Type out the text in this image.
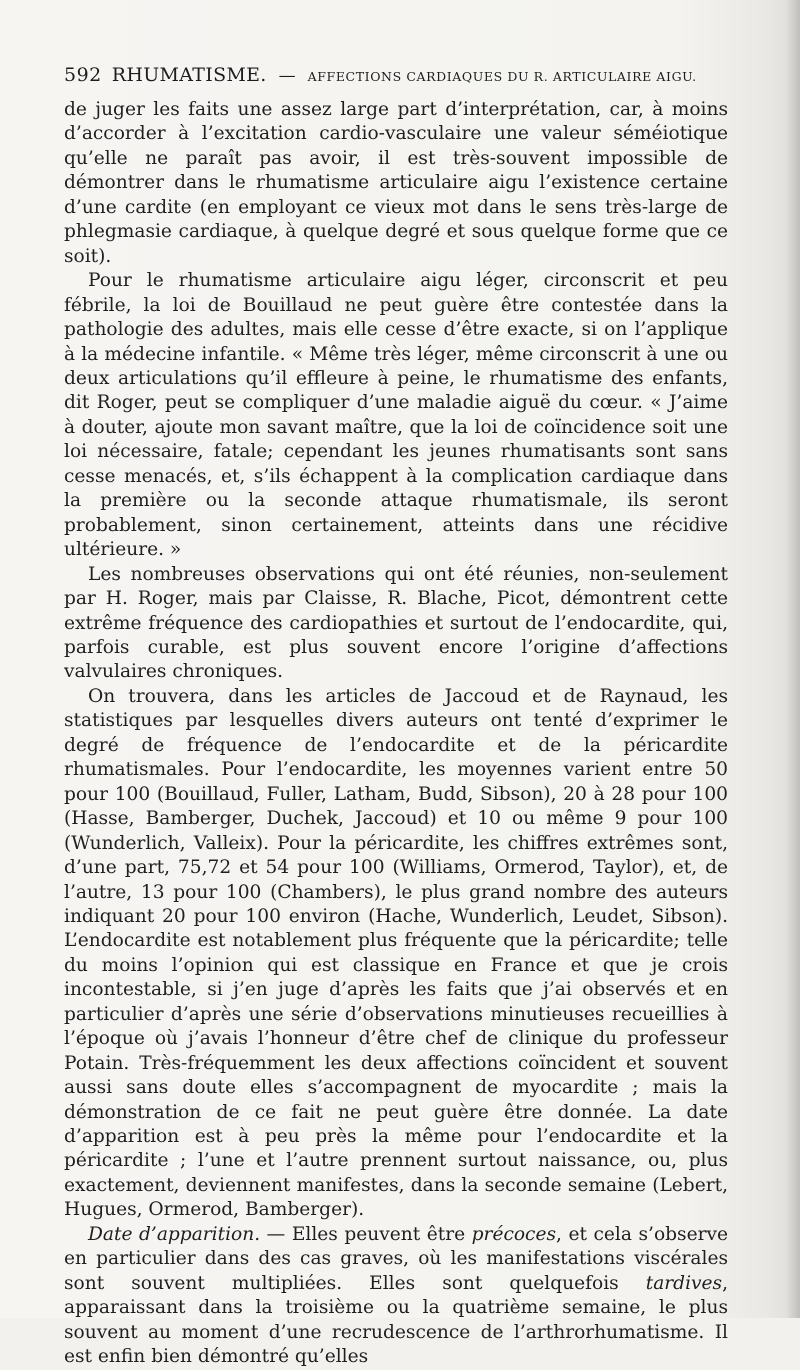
592 RHUMATISME. — AFFECTIONS CARDIAQUES DU R. ARTICULAIRE AIGU.

de juger les faits une assez large part d’interprétation, car, à moins d’accorder à l’excitation cardio-vasculaire une valeur séméiotique qu’elle ne paraît pas avoir, il est très-souvent impossible de démontrer dans le rhumatisme articulaire aigu l’existence certaine d’une cardite (en employant ce vieux mot dans le sens très-large de phlegmasie cardiaque, à quelque degré et sous quelque forme que ce soit).

Pour le rhumatisme articulaire aigu léger, circonscrit et peu fébrile, la loi de Bouillaud ne peut guère être contestée dans la pathologie des adultes, mais elle cesse d’être exacte, si on l’applique à la médecine infantile. « Même très léger, même circonscrit à une ou deux articulations qu’il effleure à peine, le rhumatisme des enfants, dit Roger, peut se compliquer d’une maladie aiguë du cœur. « J’aime à douter, ajoute mon savant maître, que la loi de coïncidence soit une loi nécessaire, fatale; cependant les jeunes rhumatisants sont sans cesse menacés, et, s’ils échappent à la complication cardiaque dans la première ou la seconde attaque rhumatismale, ils seront probablement, sinon certainement, atteints dans une récidive ultérieure. »

Les nombreuses observations qui ont été réunies, non-seulement par H. Roger, mais par Claisse, R. Blache, Picot, démontrent cette extrême fréquence des cardiopathies et surtout de l’endocardite, qui, parfois curable, est plus souvent encore l’origine d’affections valvulaires chroniques.

On trouvera, dans les articles de Jaccoud et de Raynaud, les statistiques par lesquelles divers auteurs ont tenté d’exprimer le degré de fréquence de l’endocardite et de la péricardite rhumatismales. Pour l’endocardite, les moyennes varient entre 50 pour 100 (Bouillaud, Fuller, Latham, Budd, Sibson), 20 à 28 pour 100 (Hasse, Bamberger, Duchek, Jaccoud) et 10 ou même 9 pour 100 (Wunderlich, Valleix). Pour la péricardite, les chiffres extrêmes sont, d’une part, 75,72 et 54 pour 100 (Williams, Ormerod, Taylor), et, de l’autre, 13 pour 100 (Chambers), le plus grand nombre des auteurs indiquant 20 pour 100 environ (Hache, Wunderlich, Leudet, Sibson). L’endocardite est notablement plus fréquente que la péricardite; telle du moins l’opinion qui est classique en France et que je crois incontestable, si j’en juge d’après les faits que j’ai observés et en particulier d’après une série d’observations minutieuses recueillies à l’époque où j’avais l’honneur d’être chef de clinique du professeur Potain. Très-fréquemment les deux affections coïncident et souvent aussi sans doute elles s’accompagnent de myocardite ; mais la démonstration de ce fait ne peut guère être donnée. La date d’apparition est à peu près la même pour l’endocardite et la péricardite ; l’une et l’autre prennent surtout naissance, ou, plus exactement, deviennent manifestes, dans la seconde semaine (Lebert, Hugues, Ormerod, Bamberger).

Date d’apparition. — Elles peuvent être précoces, et cela s’observe en particulier dans des cas graves, où les manifestations viscérales sont souvent multipliées. Elles sont quelquefois tardives, apparaissant dans la troisième ou la quatrième semaine, le plus souvent au moment d’une recrudescence de l’arthrorhumatisme. Il est enfin bien démontré qu’elles
